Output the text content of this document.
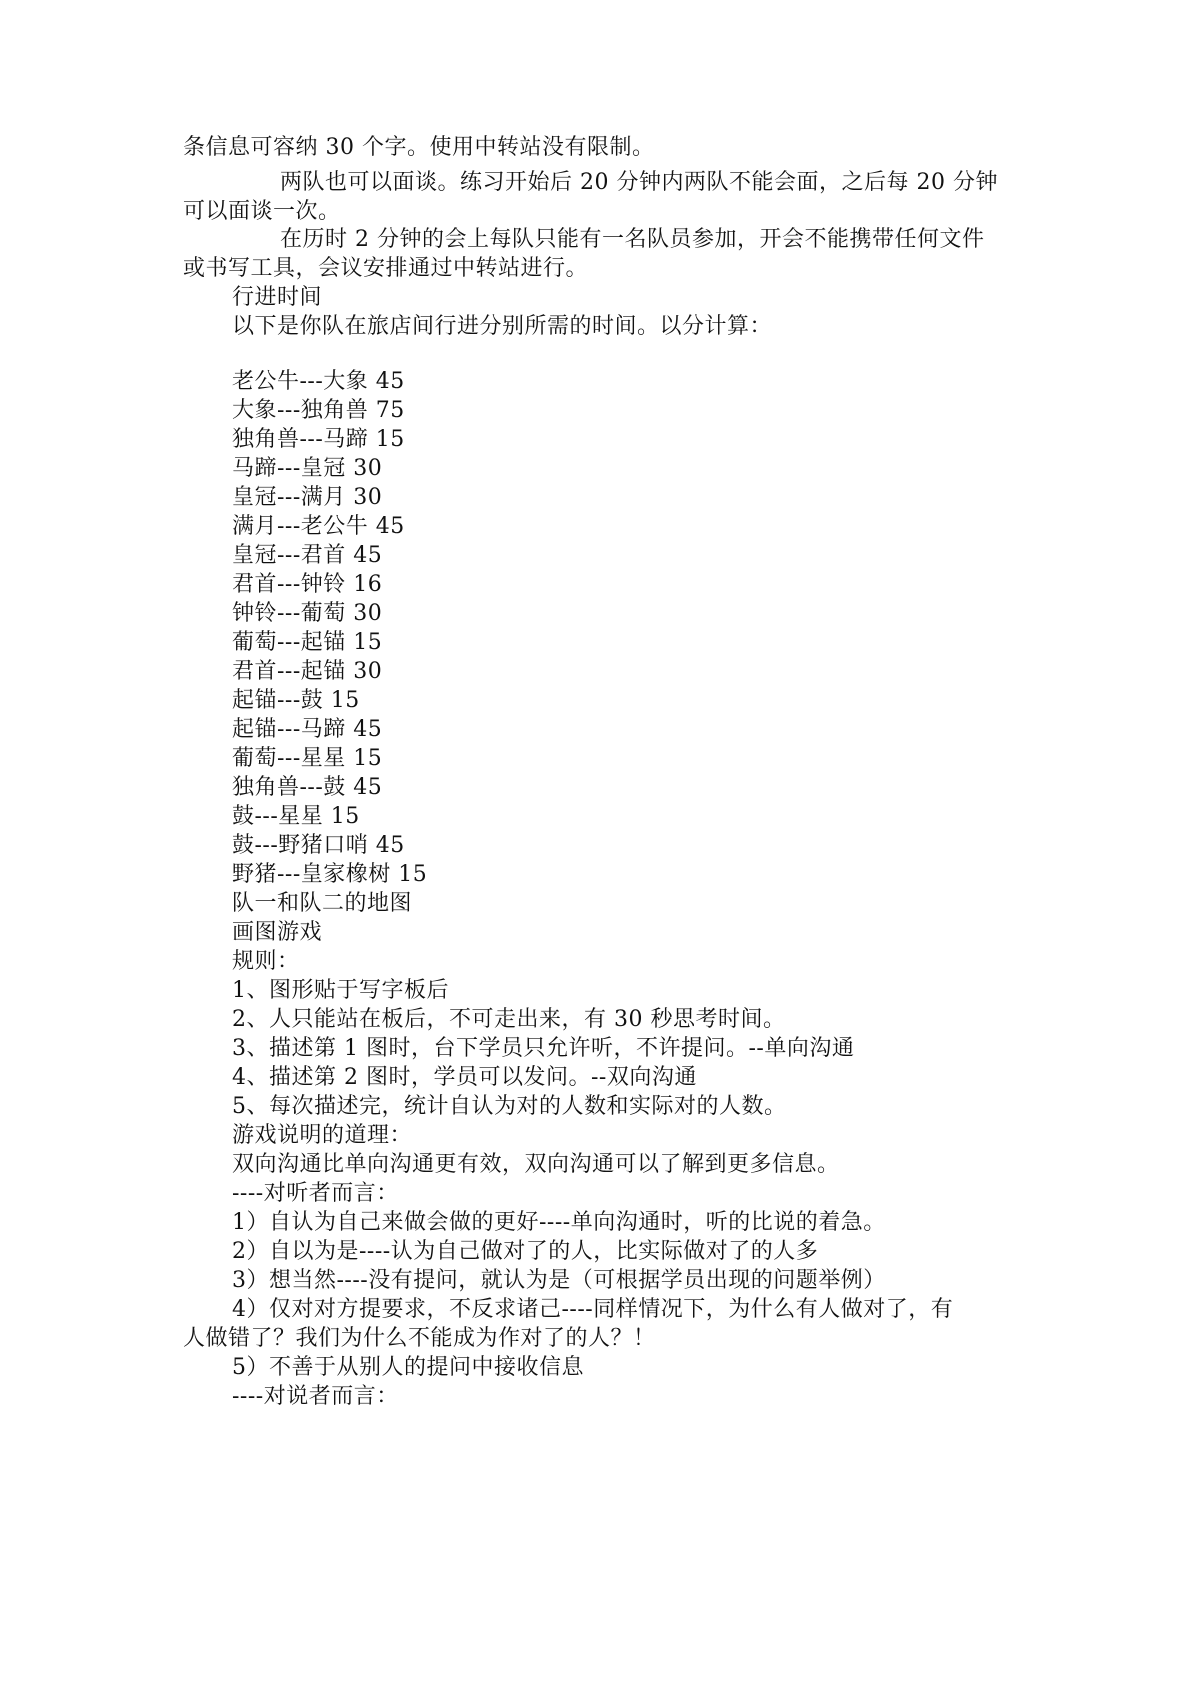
条信息可容纳 30 个字。使用中转站没有限制。
两队也可以面谈。练习开始后 20 分钟内两队不能会面，之后每 20 分钟
可以面谈一次。
在历时 2 分钟的会上每队只能有一名队员参加，开会不能携带任何文件
或书写工具，会议安排通过中转站进行。
行进时间
以下是你队在旅店间行进分别所需的时间。以分计算：
老公牛---大象 45
大象---独角兽 75
独角兽---马蹄 15
马蹄---皇冠 30
皇冠---满月 30
满月---老公牛 45
皇冠---君首 45
君首---钟铃 16
钟铃---葡萄 30
葡萄---起锚 15
君首---起锚 30
起锚---鼓 15
起锚---马蹄 45
葡萄---星星 15
独角兽---鼓 45
鼓---星星 15
鼓---野猪口哨 45
野猪---皇家橡树 15
队一和队二的地图
画图游戏
规则：
1、图形贴于写字板后
2、人只能站在板后，不可走出来，有 30 秒思考时间。
3、描述第 1 图时，台下学员只允许听，不许提问。--单向沟通
4、描述第 2 图时，学员可以发问。--双向沟通
5、每次描述完，统计自认为对的人数和实际对的人数。
游戏说明的道理：
双向沟通比单向沟通更有效，双向沟通可以了解到更多信息。
----对听者而言：
1）自认为自己来做会做的更好----单向沟通时，听的比说的着急。
2）自以为是----认为自己做对了的人，比实际做对了的人多
3）想当然----没有提问，就认为是（可根据学员出现的问题举例）
4）仅对对方提要求，不反求诸己----同样情况下，为什么有人做对了，有
人做错了？我们为什么不能成为作对了的人？！
5）不善于从别人的提问中接收信息
----对说者而言：
